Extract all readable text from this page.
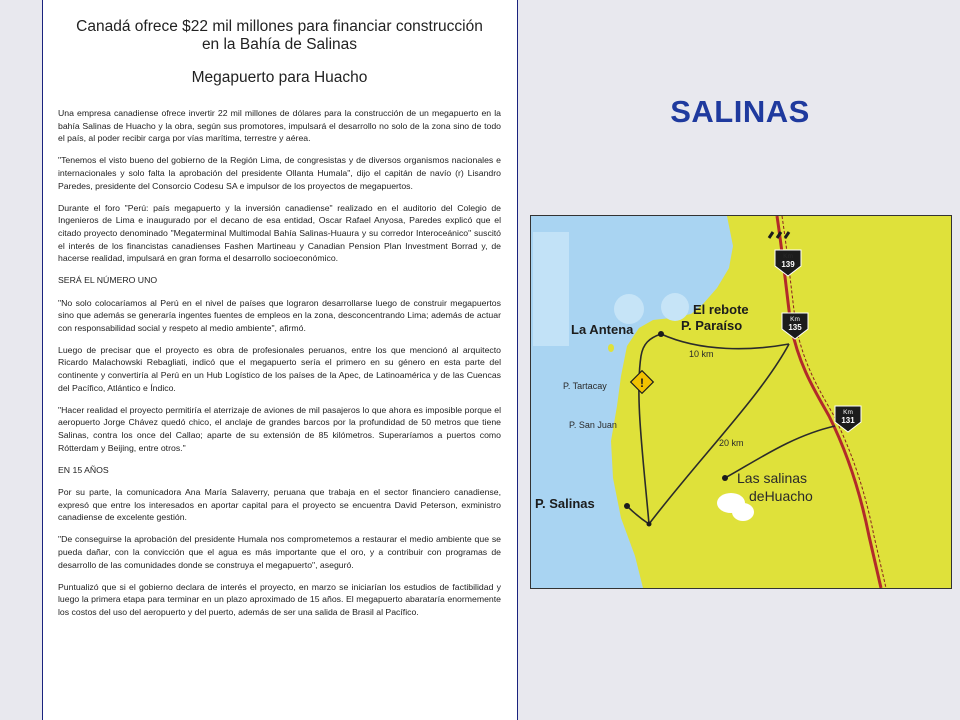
Canadá ofrece $22 mil millones para financiar construcción
en la Bahía de Salinas
Megapuerto para Huacho

Una empresa canadiense ofrece invertir 22 mil millones de dólares para la construcción de un megapuerto en la bahía Salinas de Huacho y la obra, según sus promotores, impulsará el desarrollo no solo de la zona sino de todo el país, al poder recibir carga por vías marítima, terrestre y aérea.

"Tenemos el visto bueno del gobierno de la Región Lima, de congresistas y de diversos organismos nacionales e internacionales y solo falta la aprobación del presidente Ollanta Humala", dijo el capitán de navío (r) Lisandro Paredes, presidente del Consorcio Codesu SA e impulsor de los proyectos de megapuertos.

Durante el foro "Perú: país megapuerto y la inversión canadiense" realizado en el auditorio del Colegio de Ingenieros de Lima e inaugurado por el decano de esa entidad, Oscar Rafael Anyosa, Paredes explicó que el citado proyecto denominado "Megaterminal Multimodal Bahía Salinas-Huaura y su corredor Interoceánico" suscitó el interés de los financistas canadienses Fashen Martineau y Canadian Pension Plan Investment Borrad y, de hacerse realidad, impulsará en gran forma el desarrollo socioeconómico.

SERÁ EL NÚMERO UNO

"No solo colocaríamos al Perú en el nivel de países que lograron desarrollarse luego de construir megapuertos sino que además se generaría ingentes fuentes de empleos en la zona, desconcentrando Lima; además de actuar con responsabilidad social y respeto al medio ambiente", afirmó.

Luego de precisar que el proyecto es obra de profesionales peruanos, entre los que mencionó al arquitecto Ricardo Malachowski Rebagliati, indicó que el megapuerto sería el primero en su género en esta parte del continente y convertiría al Perú en un Hub Logístico de los países de la Apec, de Latinoamérica y de las Cuencas del Pacífico, Atlántico e Índico.

"Hacer realidad el proyecto permitiría el aterrizaje de aviones de mil pasajeros lo que ahora es imposible porque el aeropuerto Jorge Chávez quedó chico, el anclaje de grandes barcos por la profundidad de 50 metros que tiene Salinas, contra los once del Callao; aparte de su extensión de 85 kilómetros. Superaríamos a puertos como Rótterdam y Beijing, entre otros."

EN 15 AÑOS

Por su parte, la comunicadora Ana María Salaverry, peruana que trabaja en el sector financiero canadiense, expresó que entre los interesados en aportar capital para el proyecto se encuentra David Peterson, exministro canadiense de excelente gestión.

"De conseguirse la aprobación del presidente Humala nos comprometemos a restaurar el medio ambiente que se pueda dañar, con la convicción que el agua es más importante que el oro, y a contribuir con programas de desarrollo de las comunidades donde se construya el megapuerto", aseguró.

Puntualizó que si el gobierno declara de interés el proyecto, en marzo se iniciarían los estudios de factibilidad y luego la primera etapa para terminar en un plazo aproximado de 15 años. El megapuerto abarataría enormemente los costos del uso del aeropuerto y del puerto, además de ser una salida de Brasil al Pacífico.

SALINAS
Km
139
Km
135
Km
131
!
El rebote
P. Paraíso
La Antena
10 km
P. Tartacay
P. San Juan
20 km
P. Salinas
Las salinas
deHuacho
